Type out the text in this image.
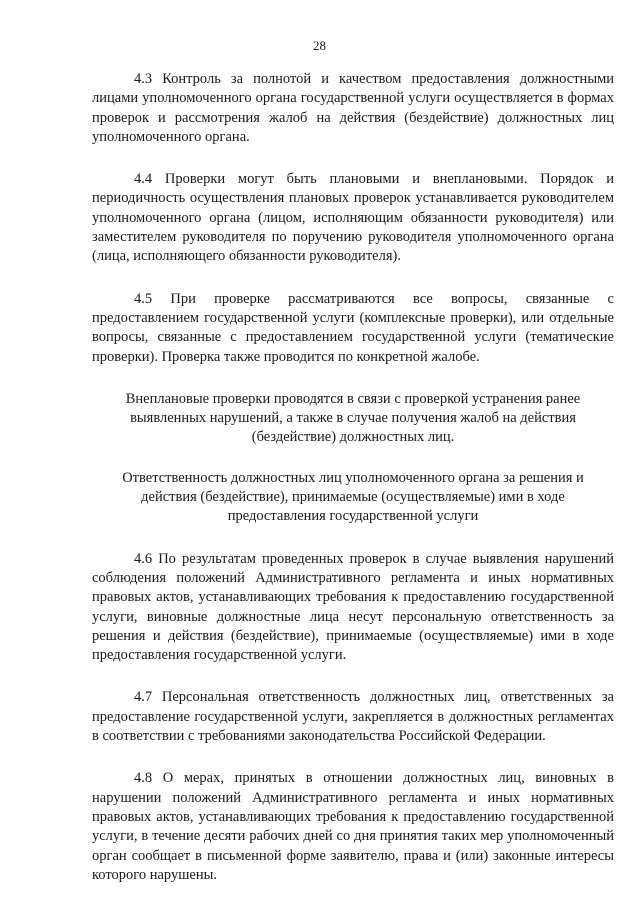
28

4.3 Контроль за полнотой и качеством предоставления должностными лицами уполномоченного органа государственной услуги осуществляется в формах проверок и рассмотрения жалоб на действия (бездействие) должностных лиц уполномоченного органа.

4.4 Проверки могут быть плановыми и внеплановыми. Порядок и периодичность осуществления плановых проверок устанавливается руководителем уполномоченного органа (лицом, исполняющим обязанности руководителя) или заместителем руководителя по поручению руководителя уполномоченного органа (лица, исполняющего обязанности руководителя).

4.5 При проверке рассматриваются все вопросы, связанные с предоставлением государственной услуги (комплексные проверки), или отдельные вопросы, связанные с предоставлением государственной услуги (тематические проверки). Проверка также проводится по конкретной жалобе.

Внеплановые проверки проводятся в связи с проверкой устранения ранее выявленных нарушений, а также в случае получения жалоб на действия (бездействие) должностных лиц.

Ответственность должностных лиц уполномоченного органа за решения и действия (бездействие), принимаемые (осуществляемые) ими в ходе предоставления государственной услуги

4.6 По результатам проведенных проверок в случае выявления нарушений соблюдения положений Административного регламента и иных нормативных правовых актов, устанавливающих требования к предоставлению государственной услуги, виновные должностные лица несут персональную ответственность за решения и действия (бездействие), принимаемые (осуществляемые) ими в ходе предоставления государственной услуги.

4.7 Персональная ответственность должностных лиц, ответственных за предоставление государственной услуги, закрепляется в должностных регламентах в соответствии с требованиями законодательства Российской Федерации.

4.8 О мерах, принятых в отношении должностных лиц, виновных в нарушении положений Административного регламента и иных нормативных правовых актов, устанавливающих требования к предоставлению государственной услуги, в течение десяти рабочих дней со дня принятия таких мер уполномоченный орган сообщает в письменной форме заявителю, права и (или) законные интересы которого нарушены.
